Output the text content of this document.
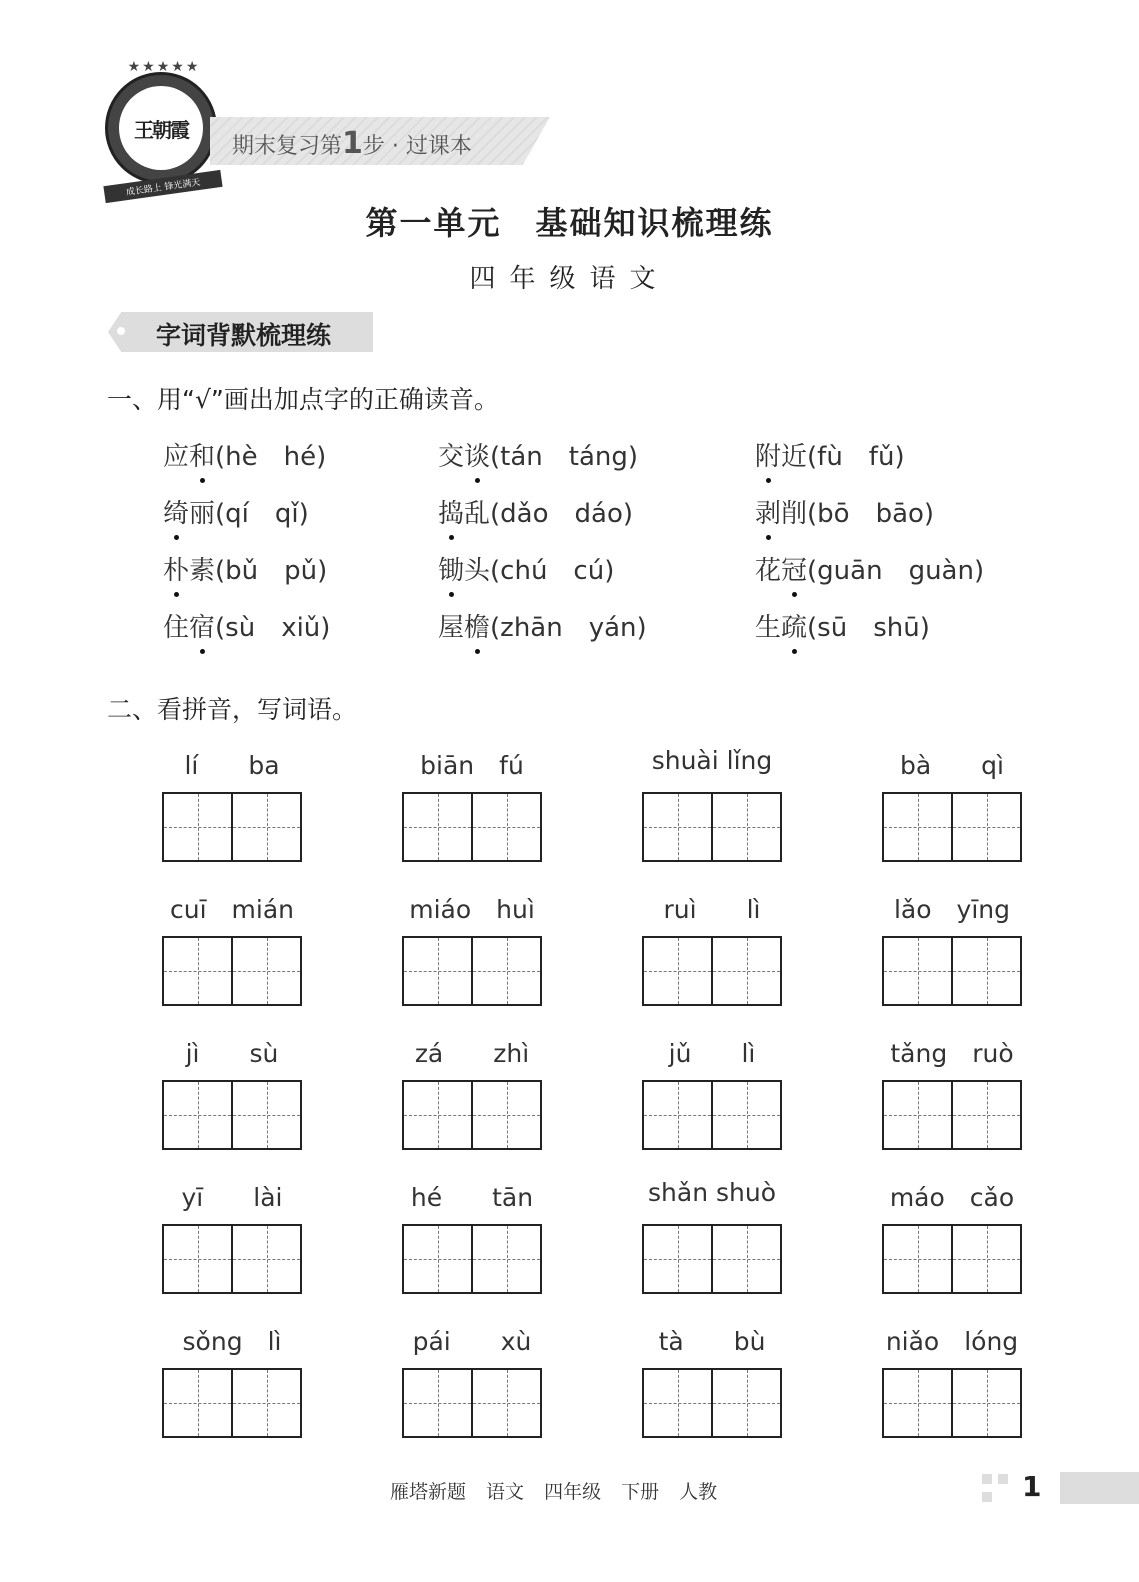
★★★★★
王朝霞
成长路上 锋光满天
期末复习第1步 · 过课本
第一单元　基础知识梳理练
四年级语文
字词背默梳理练
一、用“√”画出加点字的正确读音。
应和(hè　hé)	交谈(tán　táng)	附近(fù　fǔ)
绮丽(qí　qǐ)	捣乱(dǎo　dáo)	剥削(bō　bāo)
朴素(bǔ　pǔ)	锄头(chú　cú)	花冠(guān　guàn)
住宿(sù　xiǔ)	屋檐(zhān　yán)	生疏(sū　shū)
二、看拼音，写词语。
lí　　ba	biān　fú	shuài lǐng	bà　　qì
cuī　mián	miáo　huì	ruì　　lì	lǎo　yīng
jì　　sù	zá　　zhì	jǔ　　lì	tǎng　ruò
yī　　lài	hé　　tān	shǎn shuò	máo　cǎo
sǒng　lì	pái　　xù	tà　　bù	niǎo　lóng
雁塔新题 语文 四年级 下册 人教	1
